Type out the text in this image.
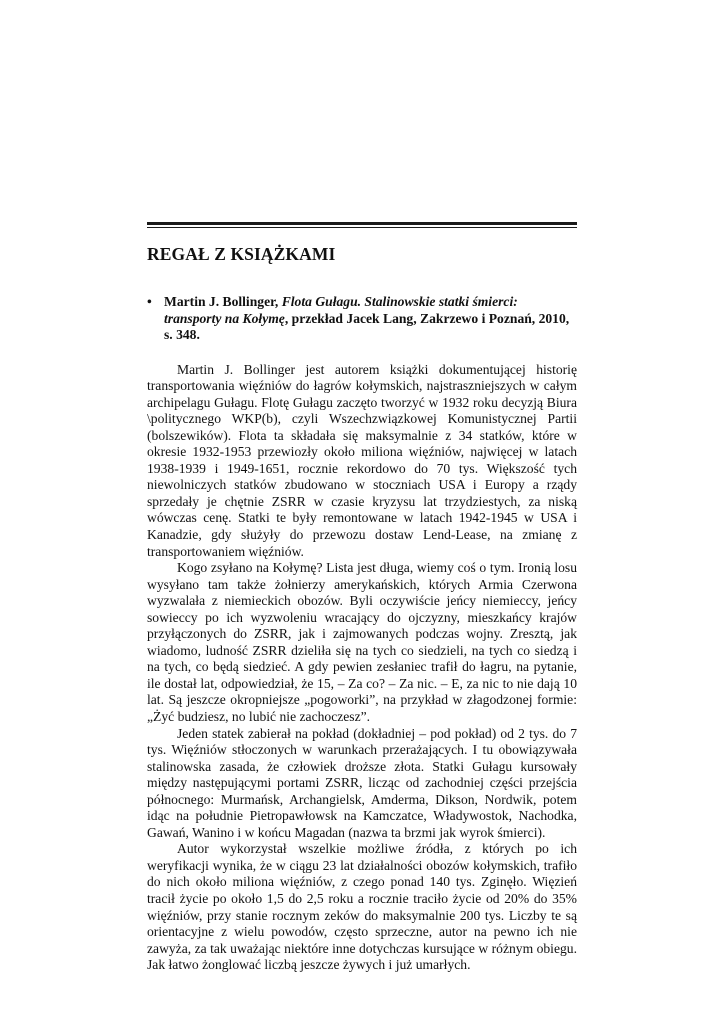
REGAŁ Z KSIĄŻKAMI
• Martin J. Bollinger, Flota Gułagu. Stalinowskie statki śmierci: transporty na Kołymę, przekład Jacek Lang, Zakrzewo i Poznań, 2010, s. 348.

Martin J. Bollinger jest autorem książki dokumentującej historię transportowania więźniów do łagrów kołymskich, najstraszniejszych w całym archipelagu Gułagu. Flotę Gułagu zaczęto tworzyć w 1932 roku decyzją Biura \politycznego WKP(b), czyli Wszechzwiązkowej Komunistycznej Partii (bolszewików). Flota ta składała się maksymalnie z 34 statków, które w okresie 1932-1953 przewiozły około miliona więźniów, najwięcej w latach 1938-1939 i 1949-1651, rocznie rekordowo do 70 tys. Większość tych niewolniczych statków zbudowano w stoczniach USA i Europy a rządy sprzedały je chętnie ZSRR w czasie kryzysu lat trzydziestych, za niską wówczas cenę. Statki te były remontowane w latach 1942-1945 w USA i Kanadzie, gdy służyły do przewozu dostaw Lend-Lease, na zmianę z transportowaniem więźniów.

Kogo zsyłano na Kołymę? Lista jest długa, wiemy coś o tym. Ironią losu wysyłano tam także żołnierzy amerykańskich, których Armia Czerwona wyzwalała z niemieckich obozów. Byli oczywiście jeńcy niemieccy, jeńcy sowieccy po ich wyzwoleniu wracający do ojczyzny, mieszkańcy krajów przyłączonych do ZSRR, jak i zajmowanych podczas wojny. Zresztą, jak wiadomo, ludność ZSRR dzieliła się na tych co siedzieli, na tych co siedzą i na tych, co będą siedzieć. A gdy pewien zesłaniec trafił do łagru, na pytanie, ile dostał lat, odpowiedział, że 15, – Za co? – Za nic. – E, za nic to nie dają 10 lat. Są jeszcze okropniejsze „pogoworki”, na przykład w złagodzonej formie: „Żyć budziesz, no lubić nie zachoczesz”.

Jeden statek zabierał na pokład (dokładniej – pod pokład) od 2 tys. do 7 tys. Więźniów stłoczonych w warunkach przerażających. I tu obowiązywała stalinowska zasada, że człowiek droższe złota. Statki Gułagu kursowały między następującymi portami ZSRR, licząc od zachodniej części przejścia północnego: Murmańsk, Archangielsk, Amderma, Dikson, Nordwik, potem idąc na południe Pietropawłowsk na Kamczatce, Władywostok, Nachodka, Gawań, Wanino i w końcu Magadan (nazwa ta brzmi jak wyrok śmierci).

Autor wykorzystał wszelkie możliwe źródła, z których po ich weryfikacji wynika, że w ciągu 23 lat działalności obozów kołymskich, trafiło do nich około miliona więźniów, z czego ponad 140 tys. Zginęło. Więzień tracił życie po około 1,5 do 2,5 roku a rocznie traciło życie od 20% do 35% więźniów, przy stanie rocznym zeków do maksymalnie 200 tys. Liczby te są orientacyjne z wielu powodów, często sprzeczne, autor na pewno ich nie zawyża, za tak uważając niektóre inne dotychczas kursujące w różnym obiegu. Jak łatwo żonglować liczbą jeszcze żywych i już umarłych.
